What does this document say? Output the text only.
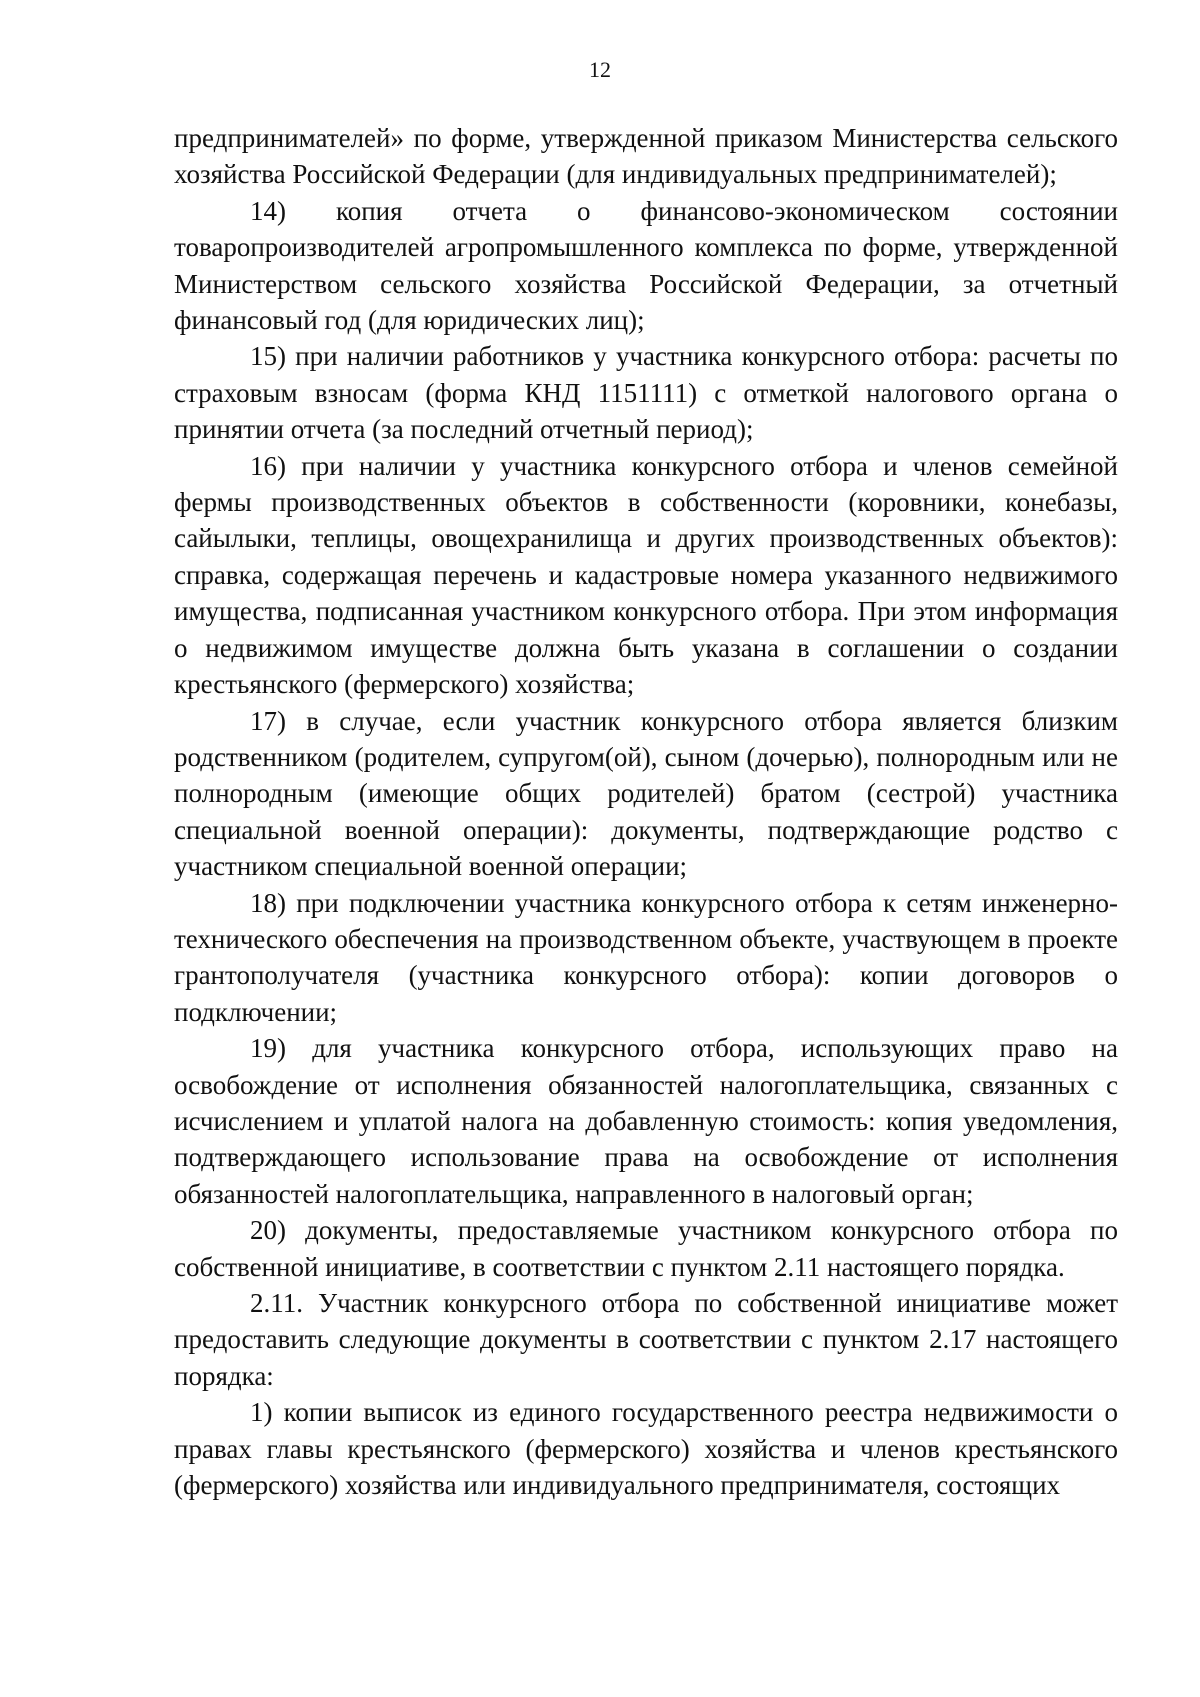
12

предпринимателей» по форме, утвержденной приказом Министерства сельского хозяйства Российской Федерации (для индивидуальных предпринимателей);

14) копия отчета о финансово-экономическом состоянии товаропроизводителей агропромышленного комплекса по форме, утвержденной Министерством сельского хозяйства Российской Федерации, за отчетный финансовый год (для юридических лиц);

15) при наличии работников у участника конкурсного отбора: расчеты по страховым взносам (форма КНД 1151111) с отметкой налогового органа о принятии отчета (за последний отчетный период);

16) при наличии у участника конкурсного отбора и членов семейной фермы производственных объектов в собственности (коровники, конебазы, сайылыки, теплицы, овощехранилища и других производственных объектов): справка, содержащая перечень и кадастровые номера указанного недвижимого имущества, подписанная участником конкурсного отбора. При этом информация о недвижимом имуществе должна быть указана в соглашении о создании крестьянского (фермерского) хозяйства;

17) в случае, если участник конкурсного отбора является близким родственником (родителем, супругом(ой), сыном (дочерью), полнородным или не полнородным (имеющие общих родителей) братом (сестрой) участника специальной военной операции): документы, подтверждающие родство с участником специальной военной операции;

18) при подключении участника конкурсного отбора к сетям инженерно-технического обеспечения на производственном объекте, участвующем в проекте грантополучателя (участника конкурсного отбора): копии договоров о подключении;

19) для участника конкурсного отбора, использующих право на освобождение от исполнения обязанностей налогоплательщика, связанных с исчислением и уплатой налога на добавленную стоимость: копия уведомления, подтверждающего использование права на освобождение от исполнения обязанностей налогоплательщика, направленного в налоговый орган;

20) документы, предоставляемые участником конкурсного отбора по собственной инициативе, в соответствии с пунктом 2.11 настоящего порядка.

2.11. Участник конкурсного отбора по собственной инициативе может предоставить следующие документы в соответствии с пунктом 2.17 настоящего порядка:

1) копии выписок из единого государственного реестра недвижимости о правах главы крестьянского (фермерского) хозяйства и членов крестьянского (фермерского) хозяйства или индивидуального предпринимателя, состоящих
